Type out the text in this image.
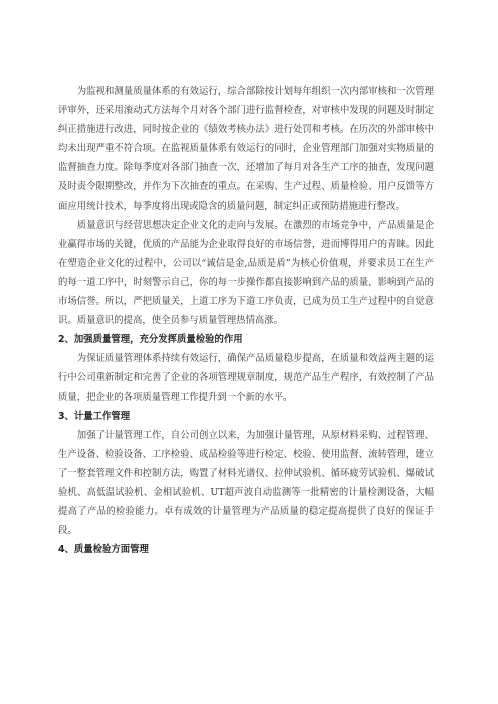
为监视和测量质量体系的有效运行，综合部除按计划每年组织一次内部审核和一次管理评审外，还采用滚动式方法每个月对各个部门进行监督检查，对审核中发现的问题及时制定纠正措施进行改进，同时按企业的《绩效考核办法》进行处罚和考核。在历次的外部审核中均未出现严重不符合项。在监视质量体系有效运行的同时，企业管理部门加强对实物质量的监督抽查力度。除每季度对各部门抽查一次，还增加了每月对各生产工序的抽查，发现问题及时责令限期整改，并作为下次抽查的重点。在采购、生产过程、质量检验、用户反馈等方面应用统计技术，每季度将出现或隐含的质量问题，制定纠正或预防措施进行整改。

质量意识与经营思想决定企业文化的走向与发展。在激烈的市场竞争中，产品质量是企业赢得市场的关键，优质的产品能为企业取得良好的市场信誉，进而博得用户的青睐。因此在塑造企业文化的过程中，公司以“诚信是金,品质是盾”为核心价值观，并要求员工在生产的每一道工序中，时刻警示自己，你的每一步操作都直接影响到产品的质量，影响到产品的市场信誉。所以，严把质量关，上道工序为下道工序负责，已成为员工生产过程中的自觉意识。质量意识的提高，使全员参与质量管理热情高涨。

2、加强质量管理，充分发挥质量检验的作用

为保证质量管理体系持续有效运行，确保产品质量稳步提高，在质量和效益两主题的运行中公司重新制定和完善了企业的各项管理规章制度，规范产品生产程序，有效控制了产品质量，把企业的各项质量管理工作提升到一个新的水平。

3、计量工作管理

加强了计量管理工作，自公司创立以来，为加强计量管理，从原材料采购、过程管理、生产设备、检验设备、工序检验、成品检验等进行检定、校验、使用监督、流转管理，建立了一整套管理文件和控制方法，购置了材料光谱仪、拉伸试验机、循环疲劳试验机、爆破试验机、高低温试验机、金相试验机、UT超声波自动监测等一批精密的计量检测设备，大幅提高了产品的检验能力。卓有成效的计量管理为产品质量的稳定提高提供了良好的保证手段。

4、质量检验方面管理
